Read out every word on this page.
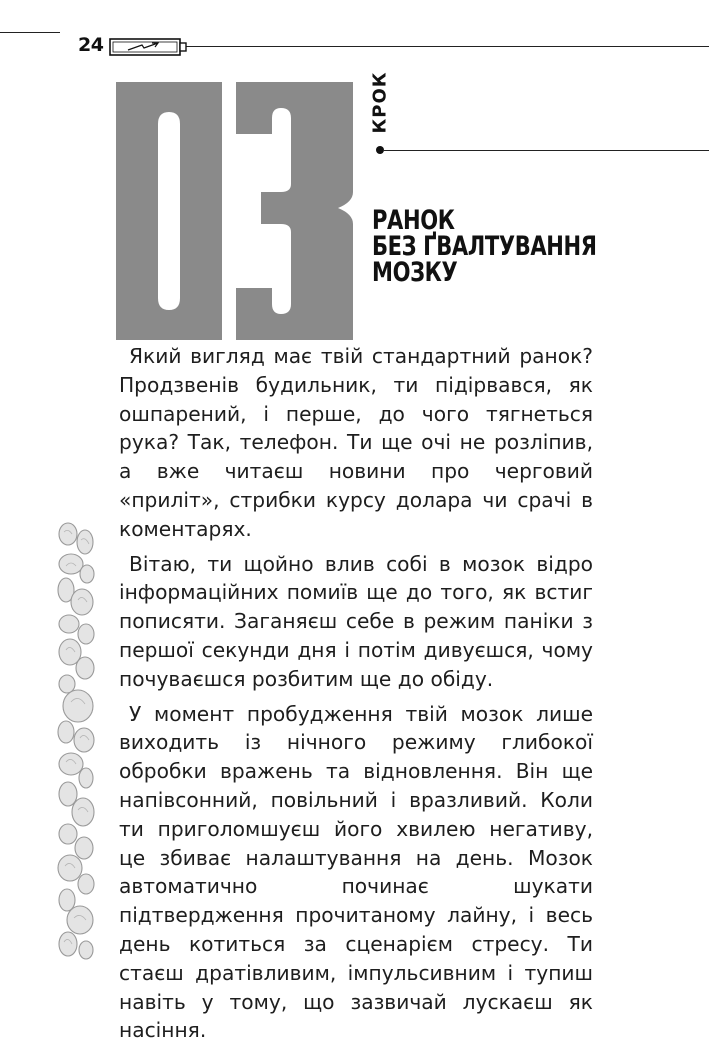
24
КРОК
РАНОК
БЕЗ ҐВАЛТУВАННЯ
МОЗКУ

Який вигляд має твій стандартний ранок? Продзвенів будильник, ти підірвався, як ошпарений, і перше, до чого тягнеться рука? Так, телефон. Ти ще очі не розліпив, а вже читаєш новини про черговий «приліт», стрибки курсу долара чи срачі в коментарях.

Вітаю, ти щойно влив собі в мозок відро інформаційних помиїв ще до того, як встиг пописяти. Заганяєш себе в режим паніки з першої секунди дня і потім дивуєшся, чому почуваєшся розбитим ще до обіду.

У момент пробудження твій мозок лише виходить із нічного режиму глибокої обробки вражень та відновлення. Він ще напівсонний, повільний і вразливий. Коли ти приголомшуєш його хвилею негативу, це збиває налаштування на день. Мозок автоматично починає шукати підтвердження прочитаному лайну, і весь день котиться за сценарієм стресу. Ти стаєш дратівливим, імпульсивним і тупиш навіть у тому, що зазвичай лускаєш як насіння.
